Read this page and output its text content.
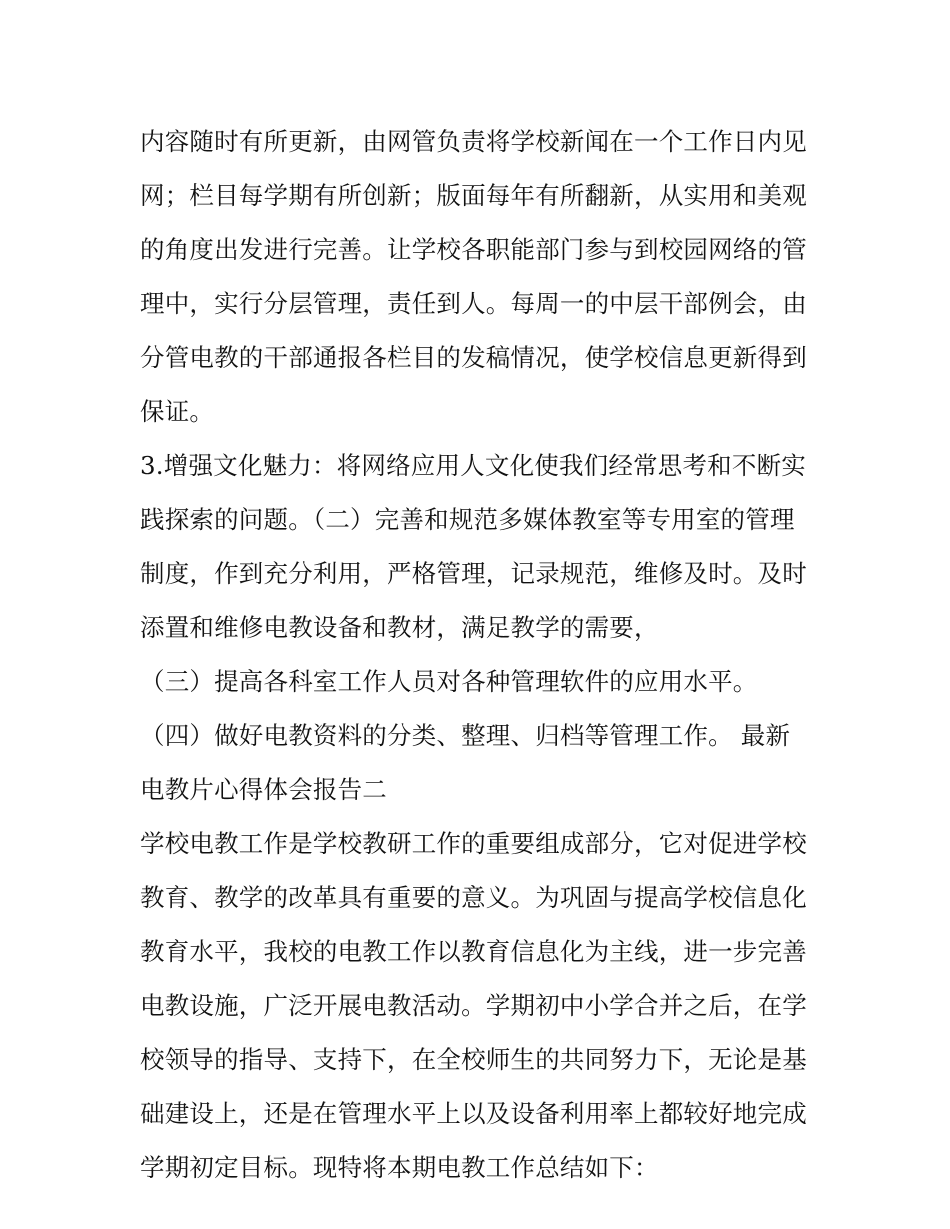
内容随时有所更新，由网管负责将学校新闻在一个工作日内见
网；栏目每学期有所创新；版面每年有所翻新，从实用和美观
的角度出发进行完善。让学校各职能部门参与到校园网络的管
理中，实行分层管理，责任到人。每周一的中层干部例会，由
分管电教的干部通报各栏目的发稿情况，使学校信息更新得到
保证。
3.增强文化魅力：将网络应用人文化使我们经常思考和不断实
践探索的问题。（二）完善和规范多媒体教室等专用室的管理
制度，作到充分利用，严格管理，记录规范，维修及时。及时
添置和维修电教设备和教材，满足教学的需要，
（三）提高各科室工作人员对各种管理软件的应用水平。
（四）做好电教资料的分类、整理、归档等管理工作。 最新
电教片心得体会报告二
学校电教工作是学校教研工作的重要组成部分，它对促进学校
教育、教学的改革具有重要的意义。为巩固与提高学校信息化
教育水平，我校的电教工作以教育信息化为主线，进一步完善
电教设施，广泛开展电教活动。学期初中小学合并之后，在学
校领导的指导、支持下，在全校师生的共同努力下，无论是基
础建设上，还是在管理水平上以及设备利用率上都较好地完成
学期初定目标。现特将本期电教工作总结如下：
